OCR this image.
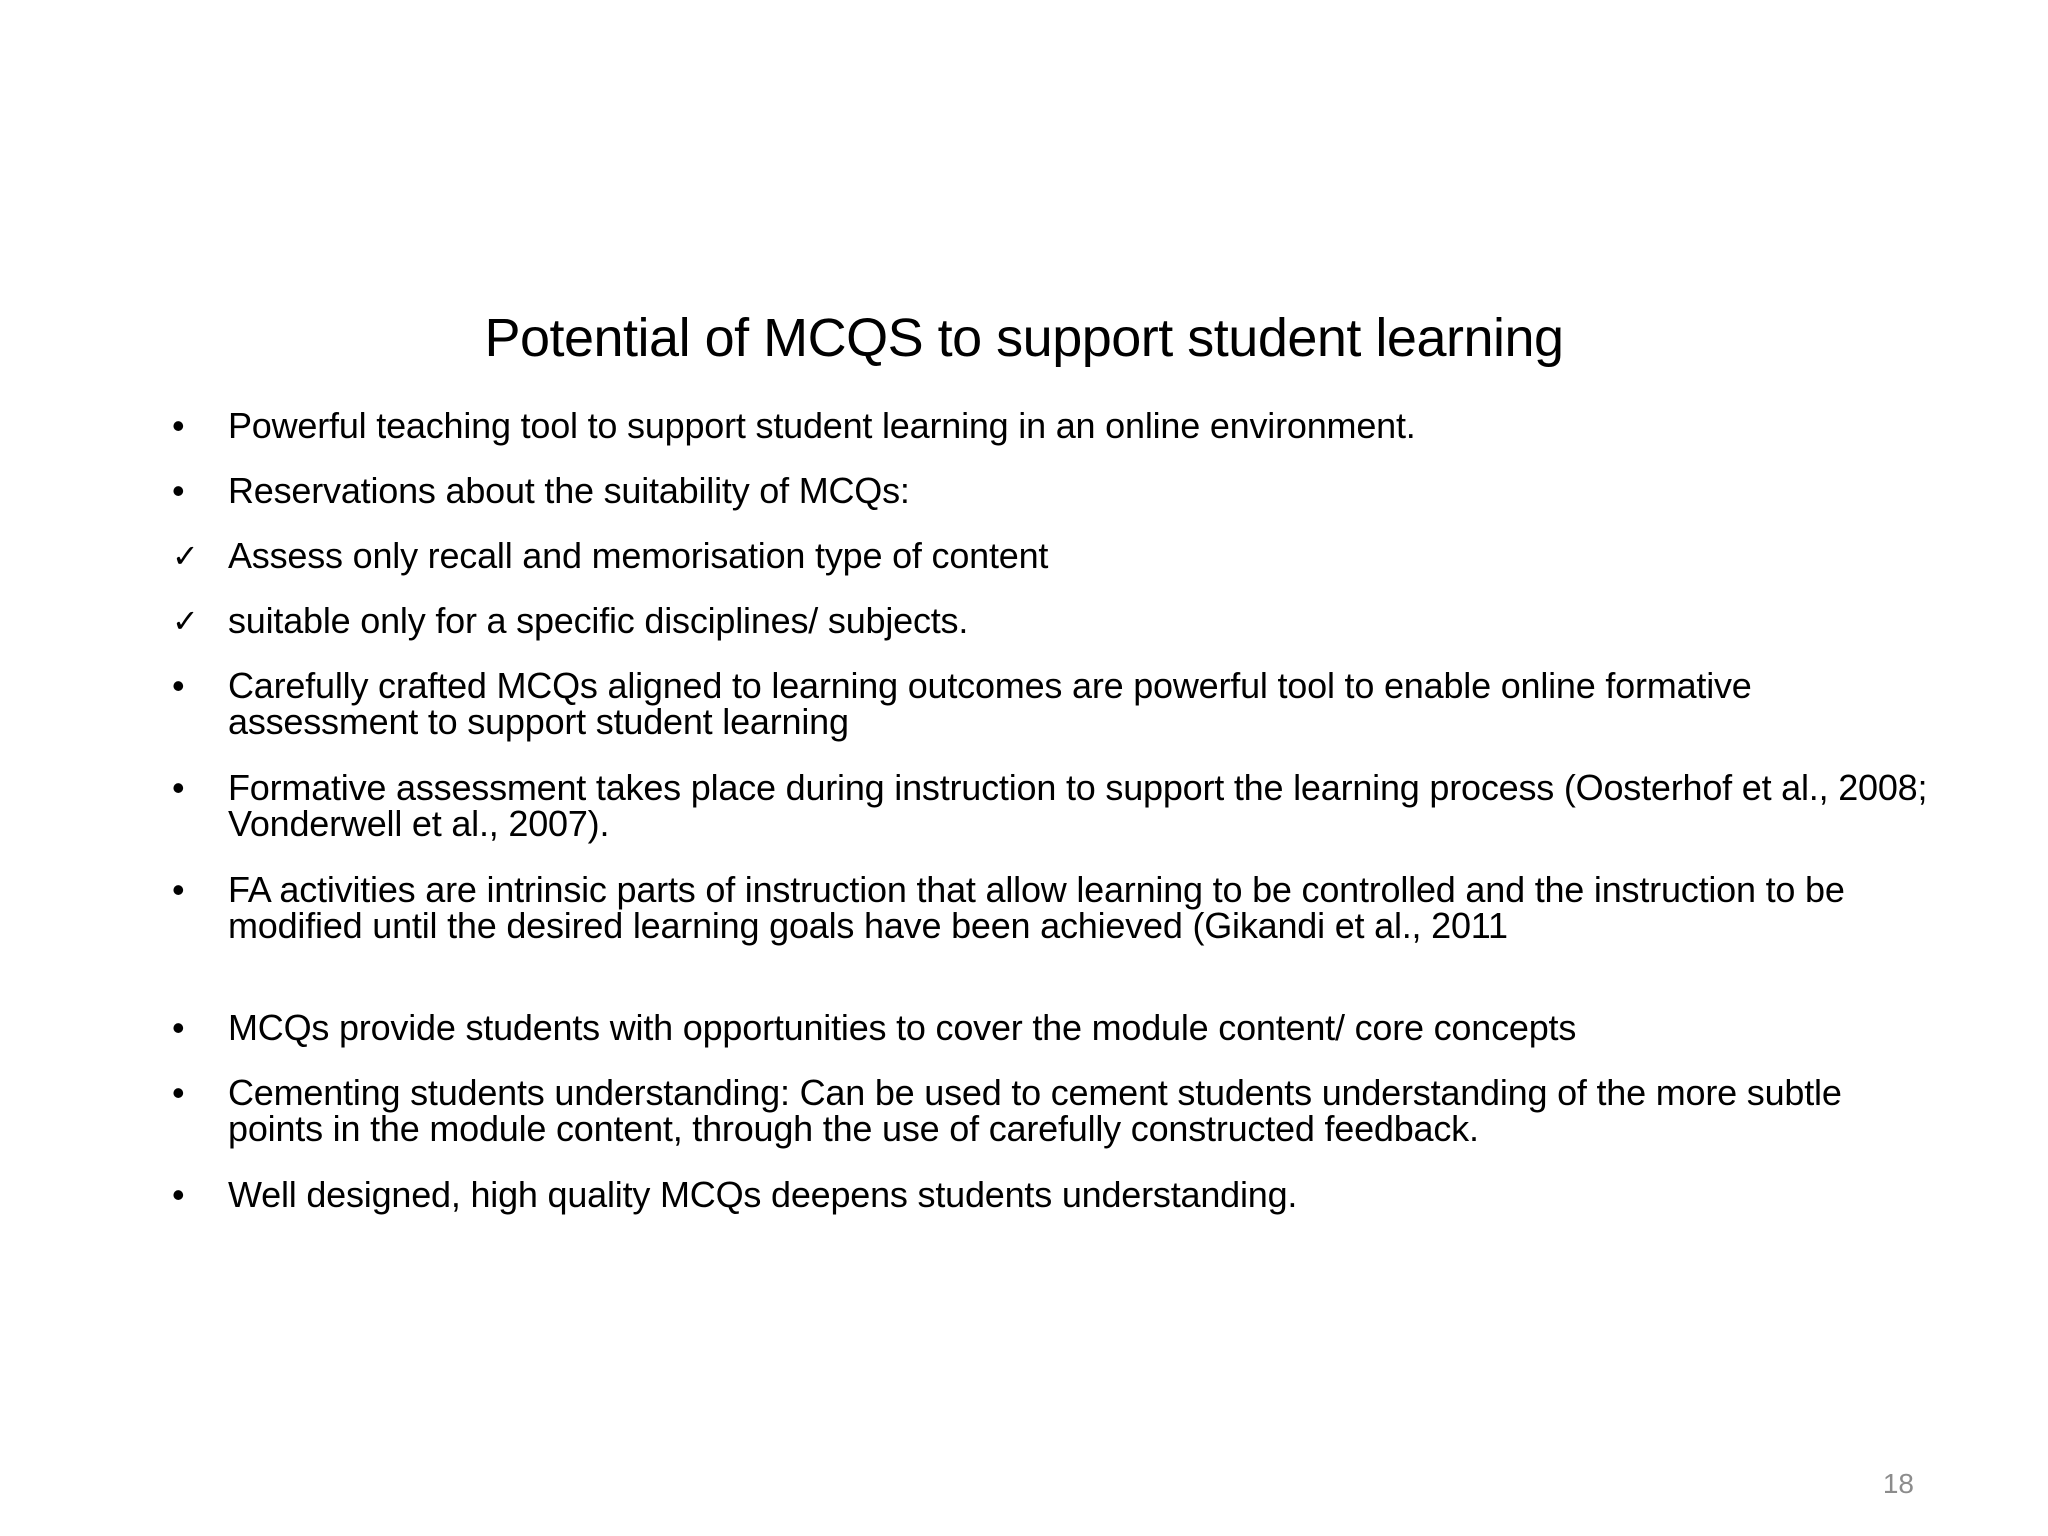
Potential of MCQS to support student learning
•	Powerful teaching tool to support student learning in an online environment.
•	Reservations about the suitability of MCQs:
✓ Assess only recall and memorisation type of content
✓ suitable only for a specific disciplines/ subjects.
•	Carefully crafted MCQs aligned to learning outcomes are powerful tool to enable online formative assessment to support student learning
•	Formative assessment takes place during instruction to support the learning process (Oosterhof et al., 2008; Vonderwell et al., 2007).
•	FA activities are intrinsic parts of instruction that allow learning to be controlled and the instruction to be modified until the desired learning goals have been achieved (Gikandi et al., 2011
•	MCQs provide students with opportunities to cover the module content/ core concepts
•	Cementing students understanding: Can be used to cement students understanding of the more subtle points in the module content, through the use of carefully constructed feedback.
•	Well designed, high quality MCQs deepens students understanding.
18
